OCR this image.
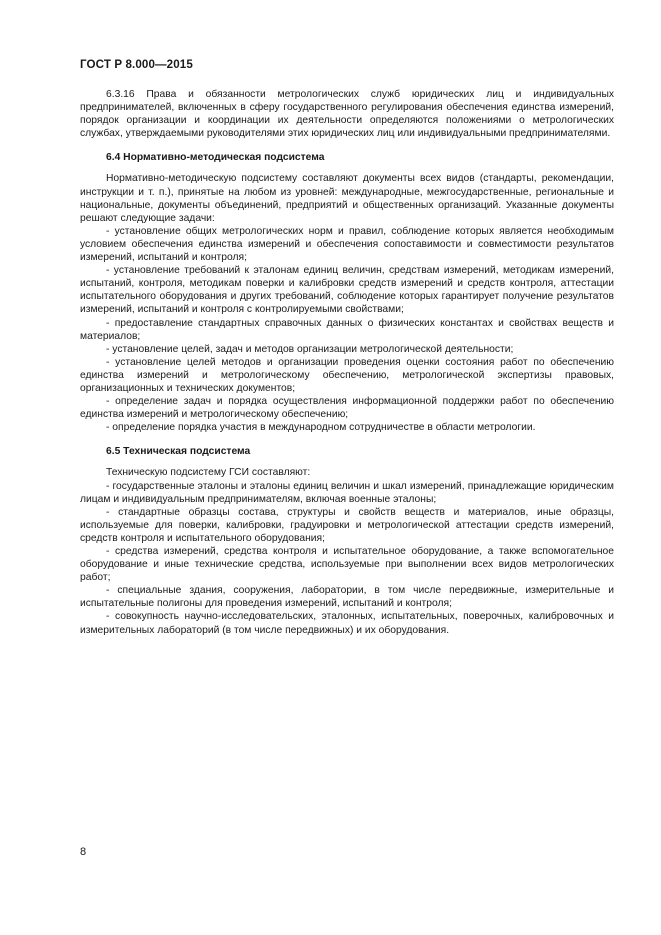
ГОСТ Р 8.000—2015

6.3.16 Права и обязанности метрологических служб юридических лиц и индивидуальных предпринимателей, включенных в сферу государственного регулирования обеспечения единства измерений, порядок организации и координации их деятельности определяются положениями о метрологических службах, утверждаемыми руководителями этих юридических лиц или индивидуальными предпринимателями.

6.4 Нормативно-методическая подсистема

Нормативно-методическую подсистему составляют документы всех видов (стандарты, рекомендации, инструкции и т. п.), принятые на любом из уровней: международные, межгосударственные, региональные и национальные, документы объединений, предприятий и общественных организаций. Указанные документы решают следующие задачи:

- установление общих метрологических норм и правил, соблюдение которых является необходимым условием обеспечения единства измерений и обеспечения сопоставимости и совместимости результатов измерений, испытаний и контроля;

- установление требований к эталонам единиц величин, средствам измерений, методикам измерений, испытаний, контроля, методикам поверки и калибровки средств измерений и средств контроля, аттестации испытательного оборудования и других требований, соблюдение которых гарантирует получение результатов измерений, испытаний и контроля с контролируемыми свойствами;

- предоставление стандартных справочных данных о физических константах и свойствах веществ и материалов;

- установление целей, задач и методов организации метрологической деятельности;

- установление целей методов и организации проведения оценки состояния работ по обеспечению единства измерений и метрологическому обеспечению, метрологической экспертизы правовых, организационных и технических документов;

- определение задач и порядка осуществления информационной поддержки работ по обеспечению единства измерений и метрологическому обеспечению;

- определение порядка участия в международном сотрудничестве в области метрологии.

6.5 Техническая подсистема

Техническую подсистему ГСИ составляют:

- государственные эталоны и эталоны единиц величин и шкал измерений, принадлежащие юридическим лицам и индивидуальным предпринимателям, включая военные эталоны;

- стандартные образцы состава, структуры и свойств веществ и материалов, иные образцы, используемые для поверки, калибровки, градуировки и метрологической аттестации средств измерений, средств контроля и испытательного оборудования;

- средства измерений, средства контроля и испытательное оборудование, а также вспомогательное оборудование и иные технические средства, используемые при выполнении всех видов метрологических работ;

- специальные здания, сооружения, лаборатории, в том числе передвижные, измерительные и испытательные полигоны для проведения измерений, испытаний и контроля;

- совокупность научно-исследовательских, эталонных, испытательных, поверочных, калибровочных и измерительных лабораторий (в том числе передвижных) и их оборудования.

8
